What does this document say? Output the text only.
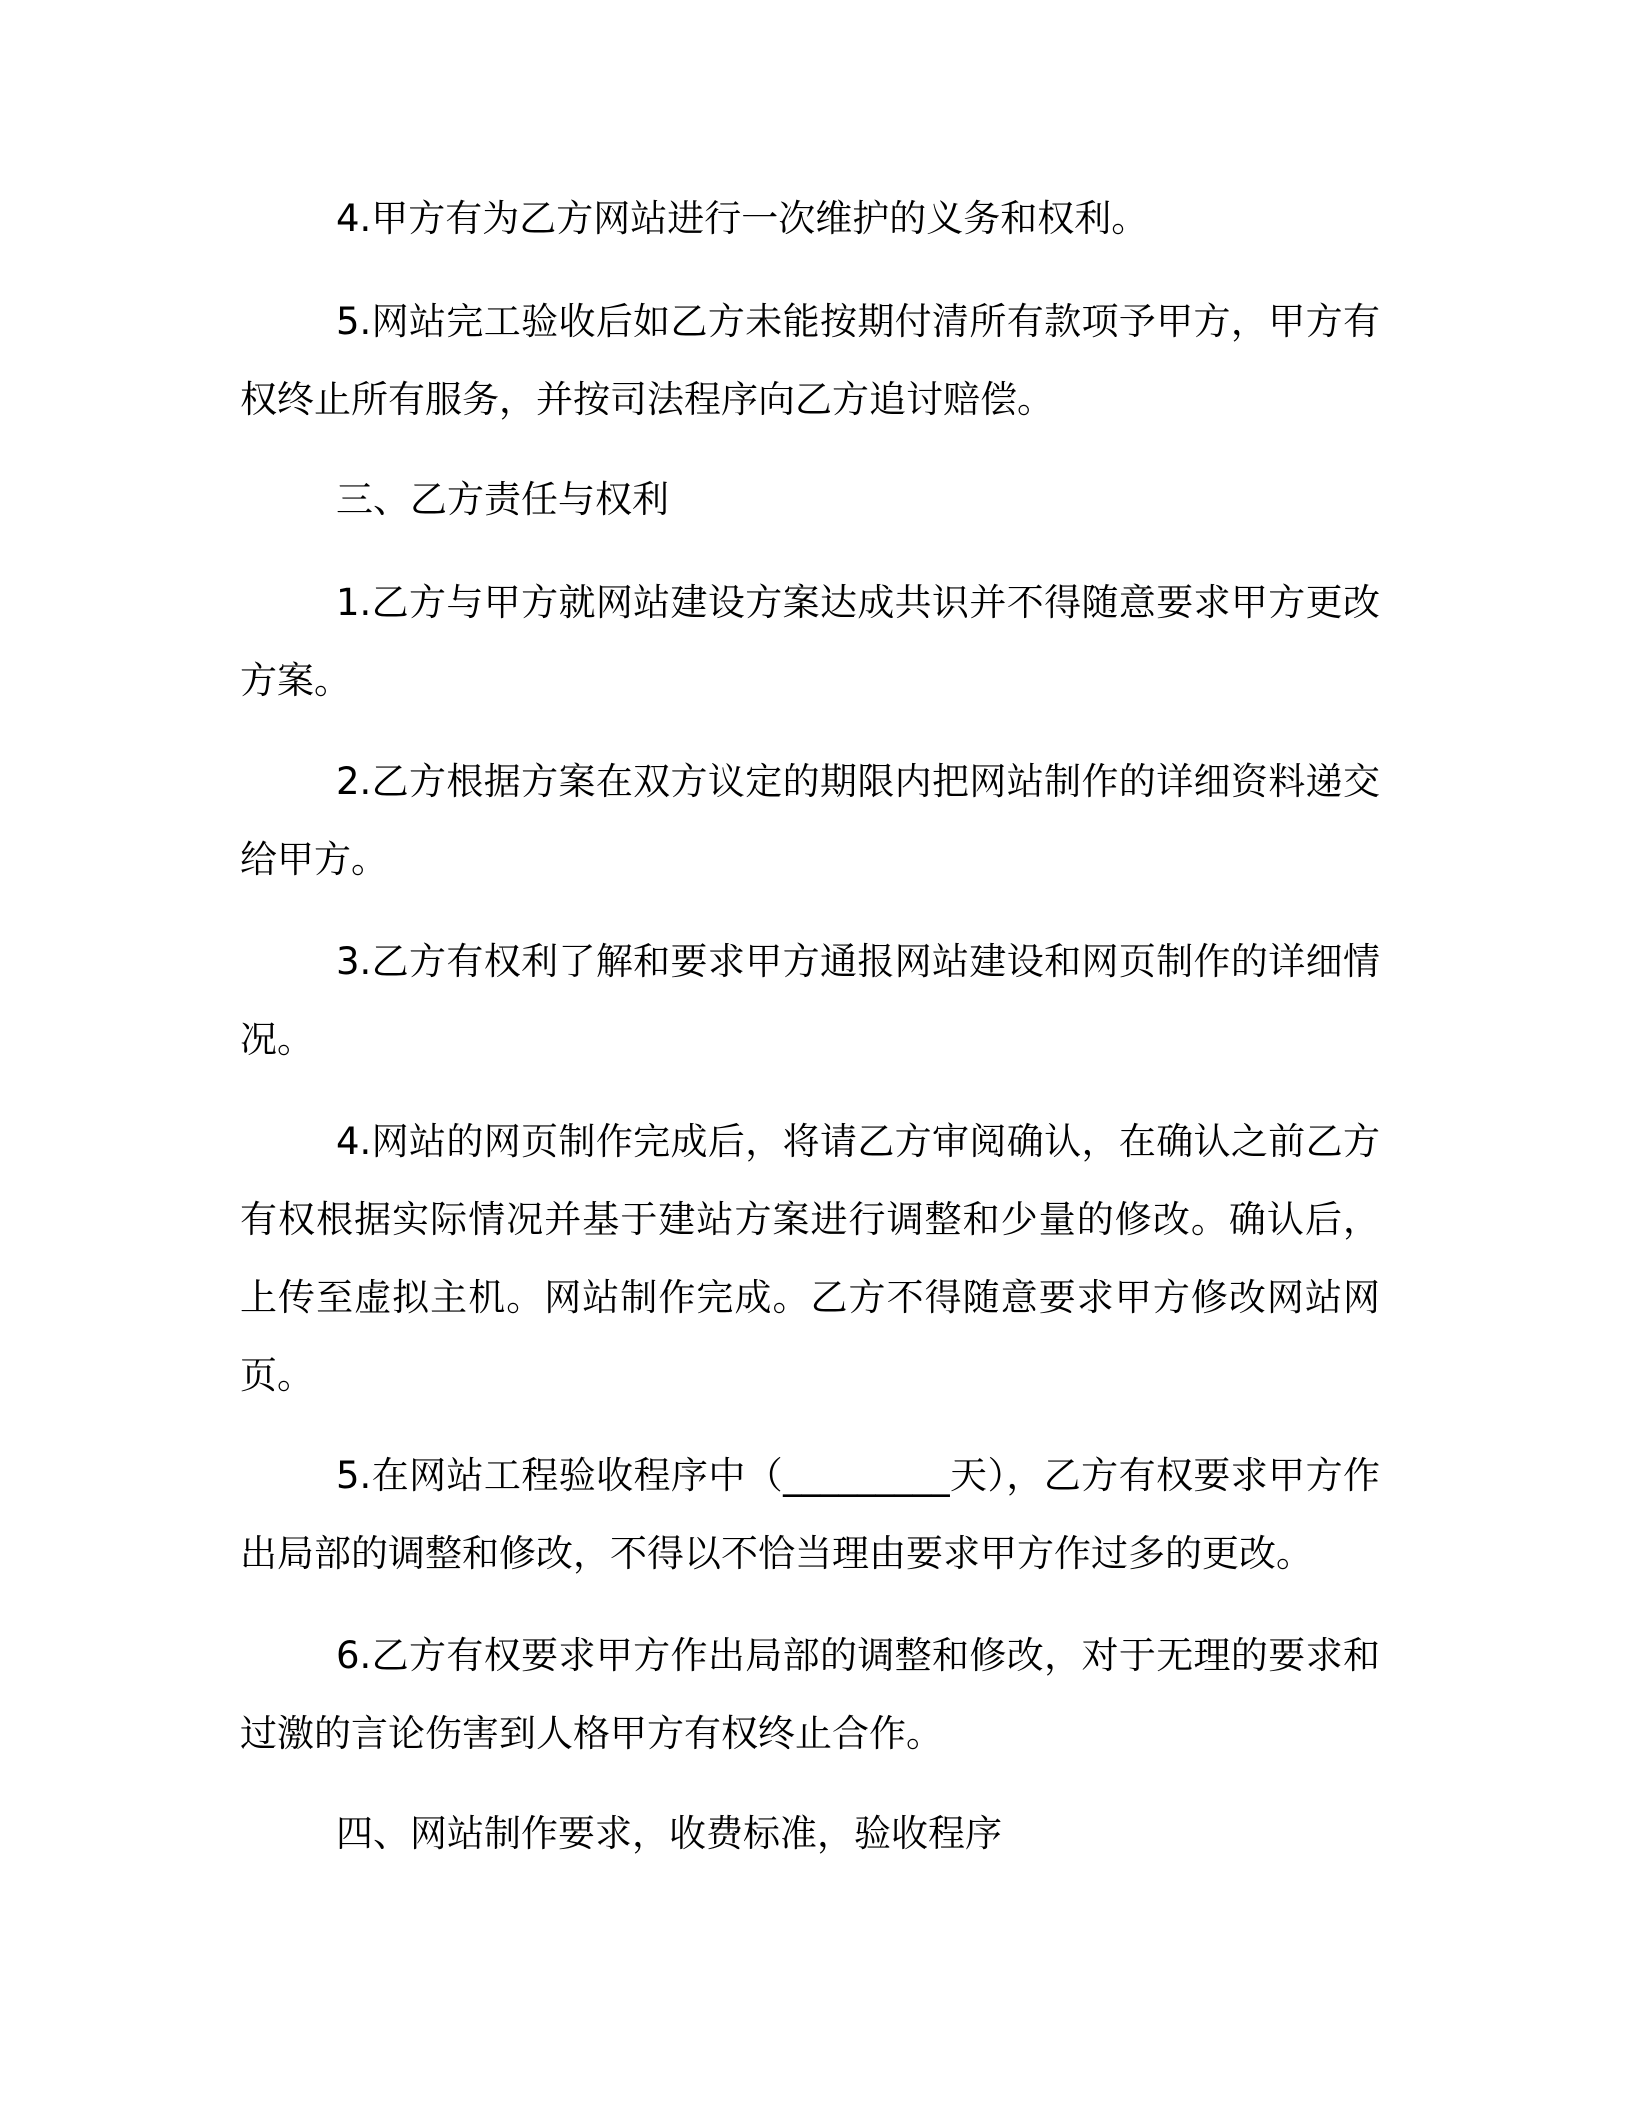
4.甲方有为乙方网站进行一次维护的义务和权利。

5.网站完工验收后如乙方未能按期付清所有款项予甲方，甲方有权终止所有服务，并按司法程序向乙方追讨赔偿。

三、乙方责任与权利

1.乙方与甲方就网站建设方案达成共识并不得随意要求甲方更改方案。

2.乙方根据方案在双方议定的期限内把网站制作的详细资料递交给甲方。

3.乙方有权利了解和要求甲方通报网站建设和网页制作的详细情况。

4.网站的网页制作完成后，将请乙方审阅确认，在确认之前乙方有权根据实际情况并基于建站方案进行调整和少量的修改。确认后，上传至虚拟主机。网站制作完成。乙方不得随意要求甲方修改网站网页。

5.在网站工程验收程序中（_________天），乙方有权要求甲方作出局部的调整和修改，不得以不恰当理由要求甲方作过多的更改。

6.乙方有权要求甲方作出局部的调整和修改，对于无理的要求和过激的言论伤害到人格甲方有权终止合作。

四、网站制作要求，收费标准，验收程序
